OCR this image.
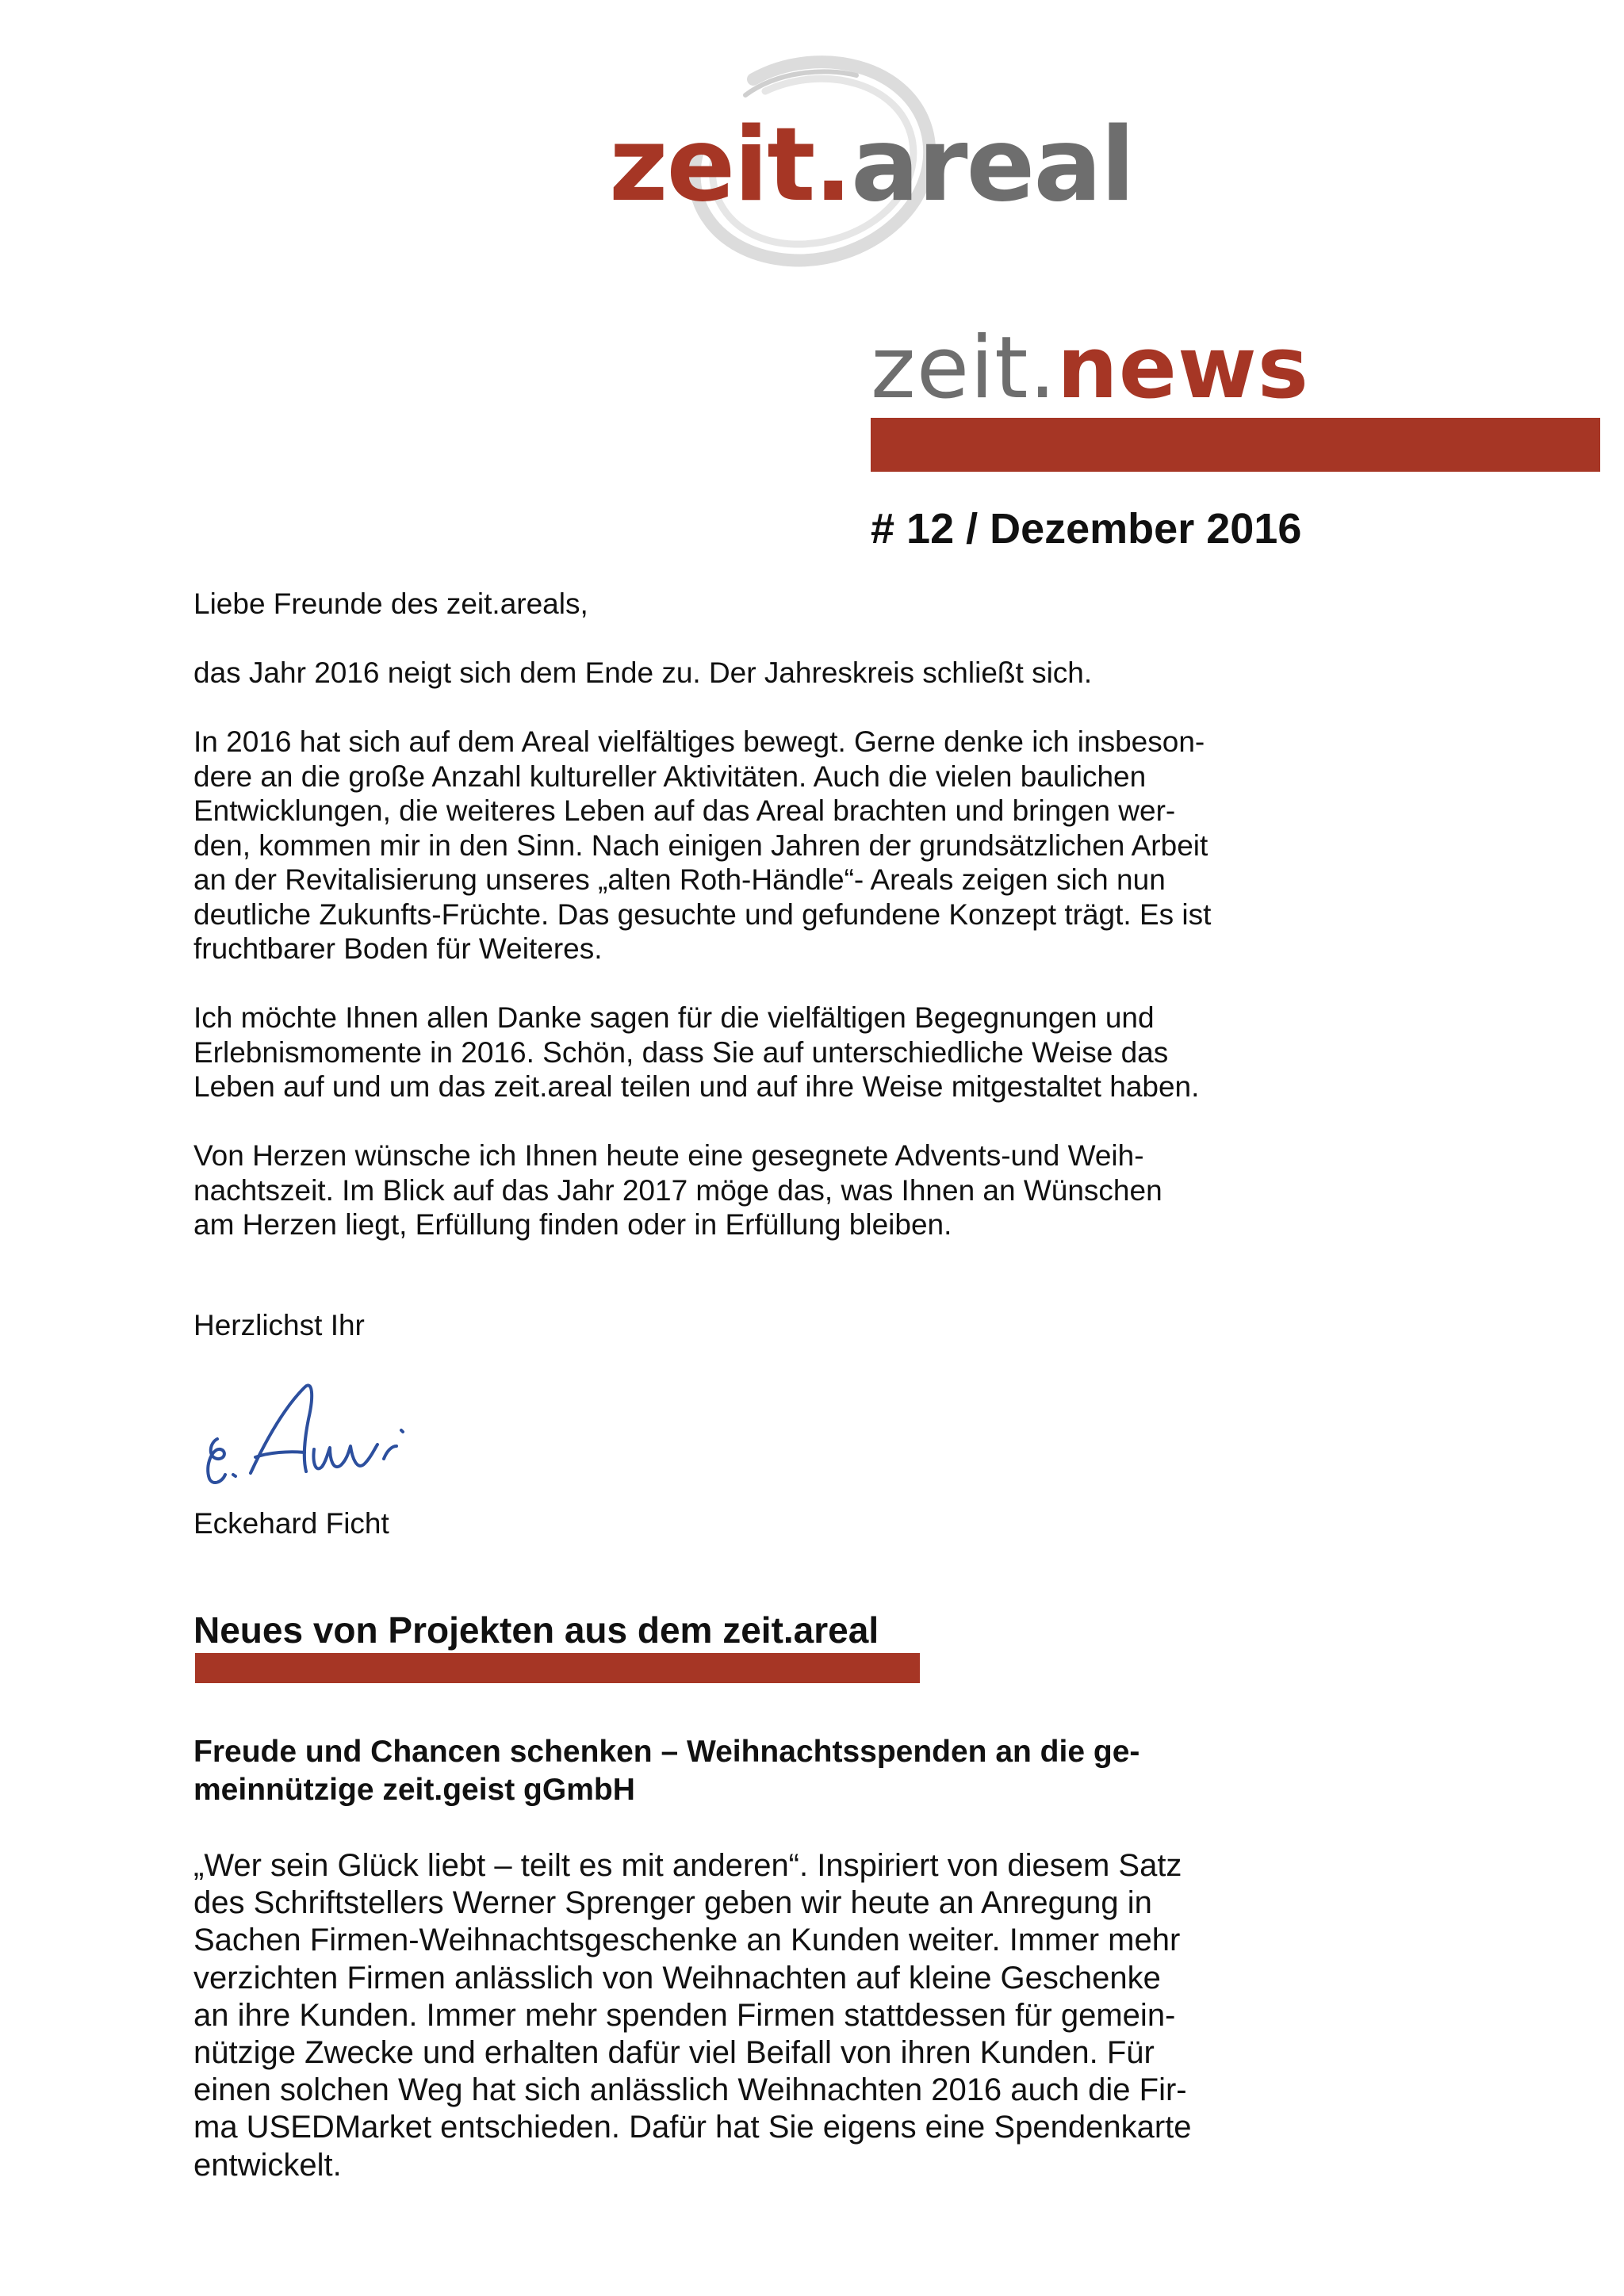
zeit.areal
zeit.news
# 12 / Dezember 2016

Liebe Freunde des zeit.areals,

das Jahr 2016 neigt sich dem Ende zu. Der Jahreskreis schließt sich.

In 2016 hat sich auf dem Areal vielfältiges bewegt. Gerne denke ich insbeson-
dere an die große Anzahl kultureller Aktivitäten. Auch die vielen baulichen
Entwicklungen, die weiteres Leben auf das Areal brachten und bringen wer-
den, kommen mir in den Sinn. Nach einigen Jahren der grundsätzlichen Arbeit
an der Revitalisierung unseres „alten Roth-Händle“- Areals zeigen sich nun
deutliche Zukunfts-Früchte. Das gesuchte und gefundene Konzept trägt. Es ist
fruchtbarer Boden für Weiteres.

Ich möchte Ihnen allen Danke sagen für die vielfältigen Begegnungen und
Erlebnismomente in 2016. Schön, dass Sie auf unterschiedliche Weise das
Leben auf und um das zeit.areal teilen und auf ihre Weise mitgestaltet haben.

Von Herzen wünsche ich Ihnen heute eine gesegnete Advents-und Weih-
nachtszeit. Im Blick auf das Jahr 2017 möge das, was Ihnen an Wünschen
am Herzen liegt, Erfüllung finden oder in Erfüllung bleiben.

Herzlichst Ihr
Eckehard Ficht
Neues von Projekten aus dem zeit.areal
Freude und Chancen schenken – Weihnachtsspenden an die ge-
meinnützige zeit.geist gGmbH
„Wer sein Glück liebt – teilt es mit anderen“. Inspiriert von diesem Satz
des Schriftstellers Werner Sprenger geben wir heute an Anregung in
Sachen Firmen-Weihnachtsgeschenke an Kunden weiter. Immer mehr
verzichten Firmen anlässlich von Weihnachten auf kleine Geschenke
an ihre Kunden. Immer mehr spenden Firmen stattdessen für gemein-
nützige Zwecke und erhalten dafür viel Beifall von ihren Kunden. Für
einen solchen Weg hat sich anlässlich Weihnachten 2016 auch die Fir-
ma USEDMarket entschieden. Dafür hat Sie eigens eine Spendenkarte
entwickelt.
